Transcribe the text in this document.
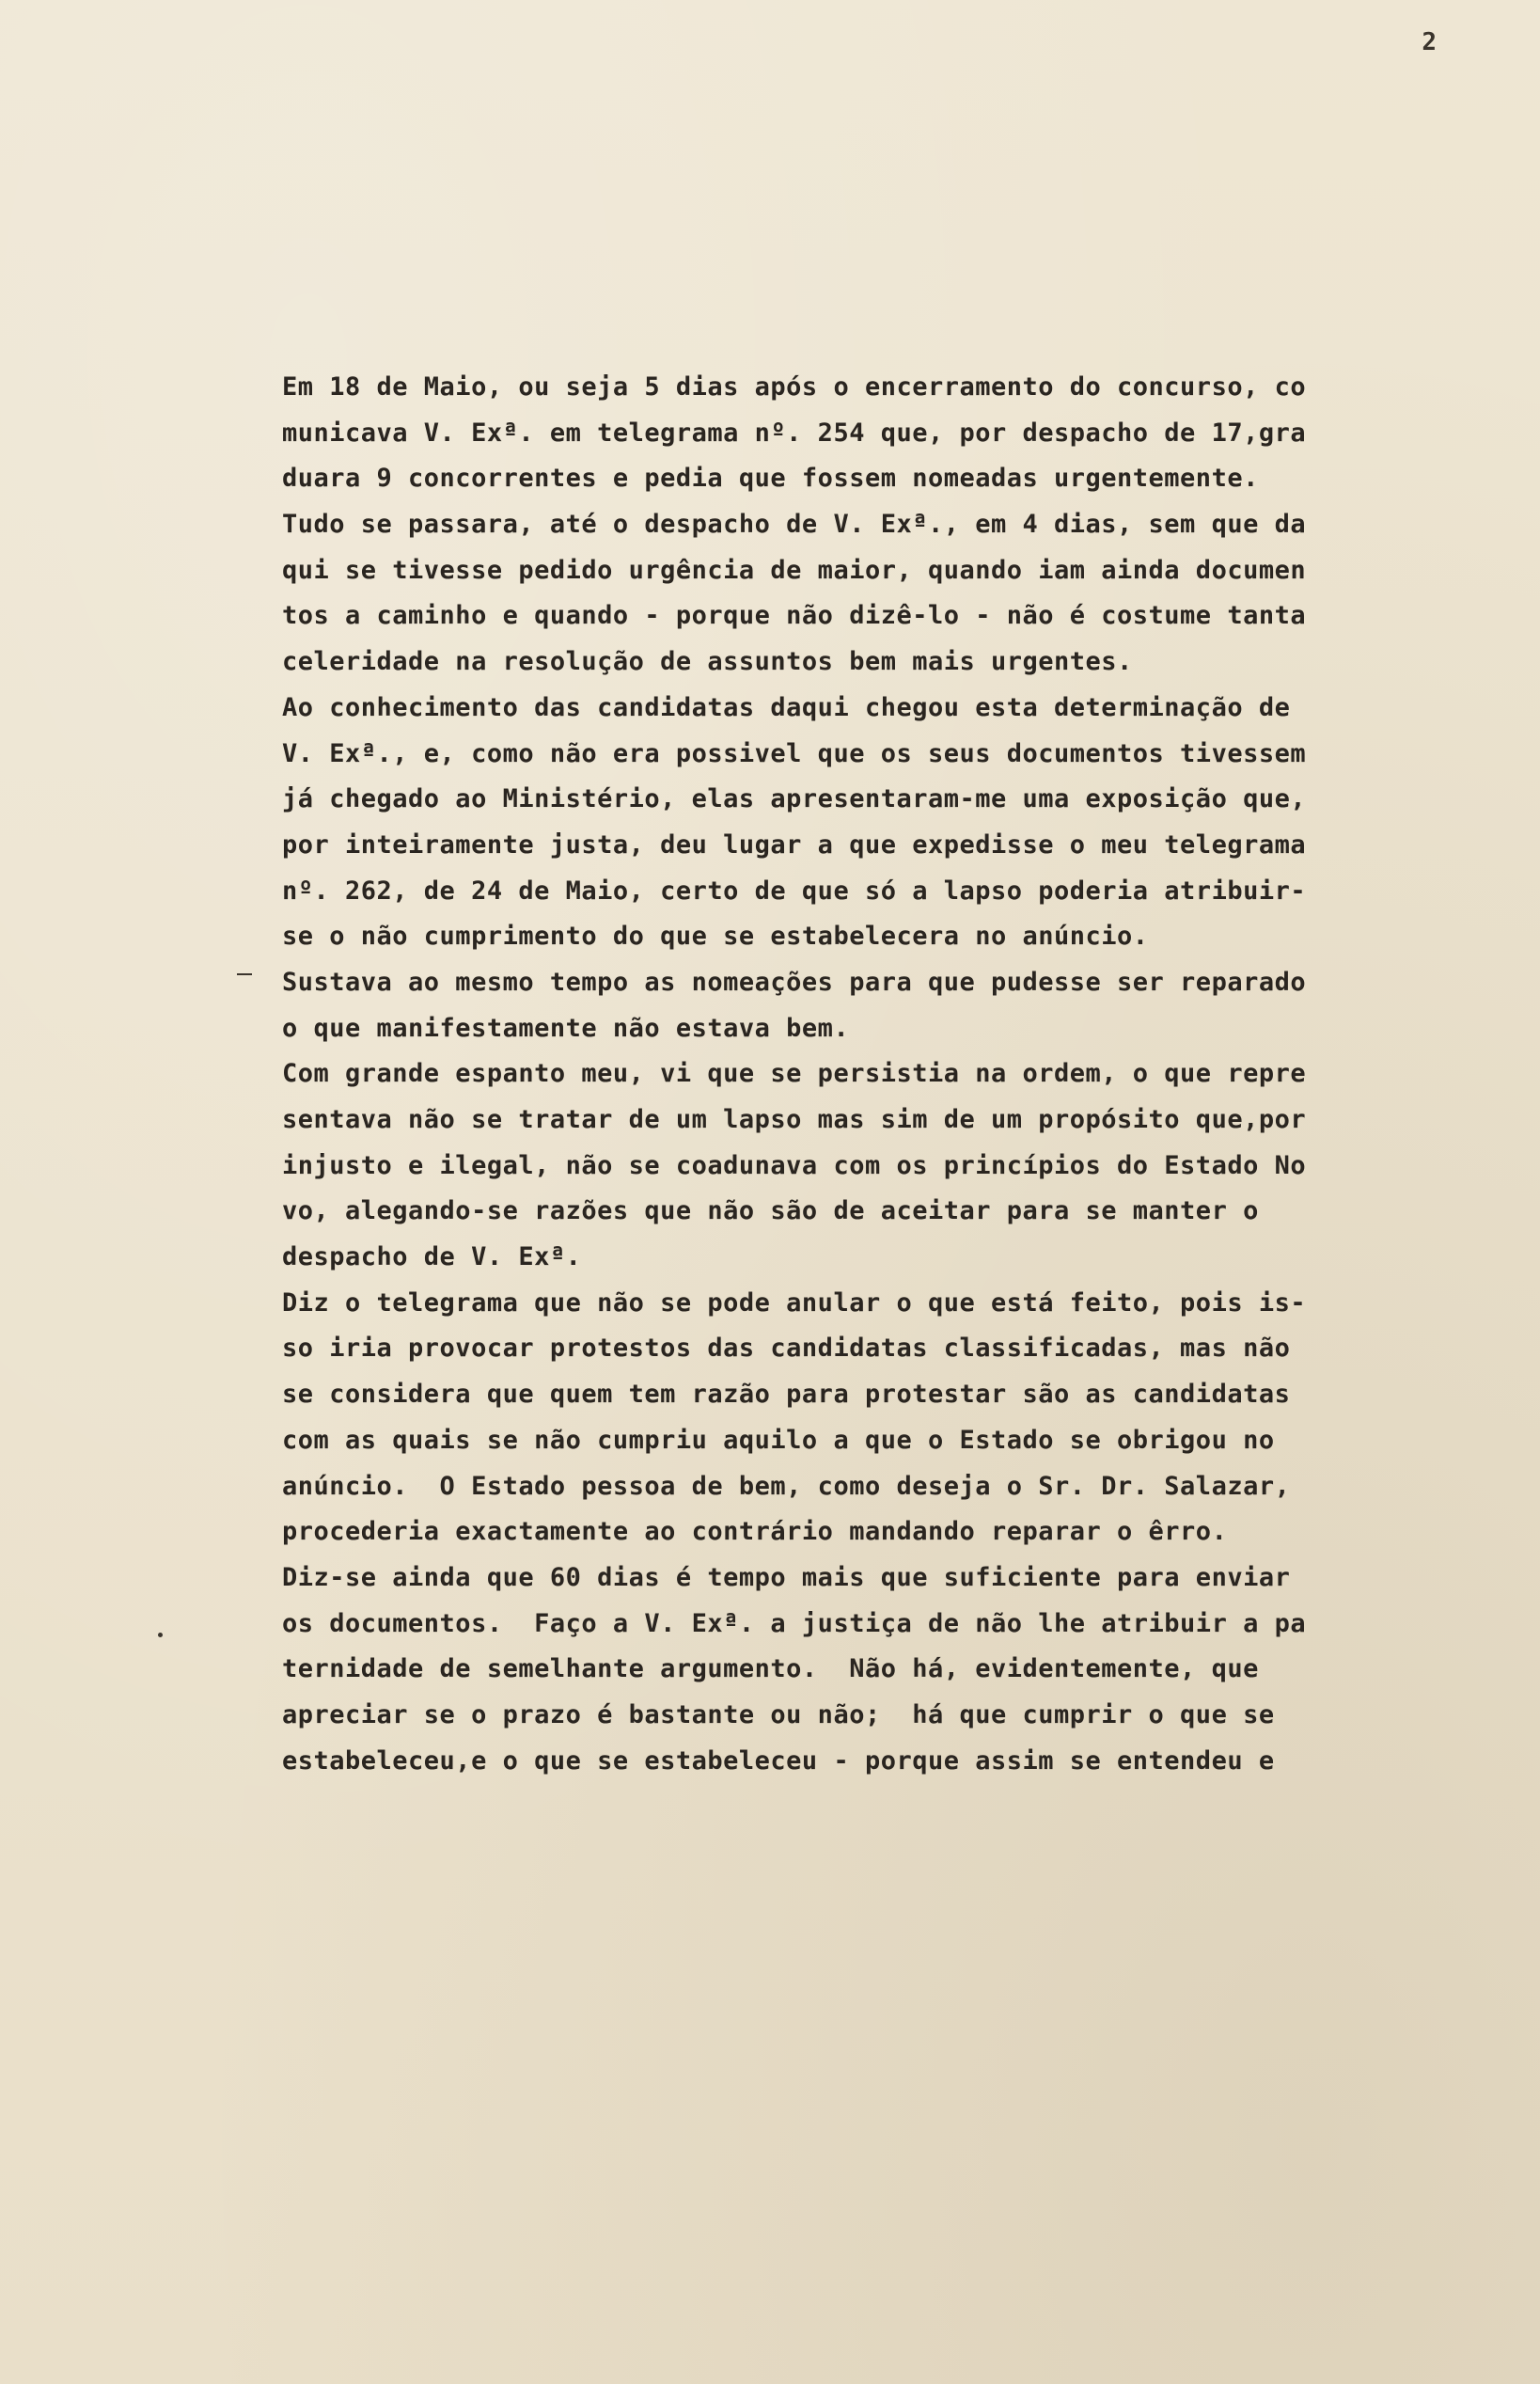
2
Em 18 de Maio, ou seja 5 dias após o encerramento do concurso, co
municava V. Exª. em telegrama nº. 254 que, por despacho de 17,gra
duara 9 concorrentes e pedia que fossem nomeadas urgentemente.
Tudo se passara, até o despacho de V. Exª., em 4 dias, sem que da
qui se tivesse pedido urgência de maior, quando iam ainda documen
tos a caminho e quando - porque não dizê-lo - não é costume tanta
celeridade na resolução de assuntos bem mais urgentes.
Ao conhecimento das candidatas daqui chegou esta determinação de
V. Exª., e, como não era possivel que os seus documentos tivessem
já chegado ao Ministério, elas apresentaram-me uma exposição que,
por inteiramente justa, deu lugar a que expedisse o meu telegrama
nº. 262, de 24 de Maio, certo de que só a lapso poderia atribuir-
se o não cumprimento do que se estabelecera no anúncio.
Sustava ao mesmo tempo as nomeações para que pudesse ser reparado
o que manifestamente não estava bem.
Com grande espanto meu, vi que se persistia na ordem, o que repre
sentava não se tratar de um lapso mas sim de um propósito que,por
injusto e ilegal, não se coadunava com os princípios do Estado No
vo, alegando-se razões que não são de aceitar para se manter o
despacho de V. Exª.
Diz o telegrama que não se pode anular o que está feito, pois is-
so iria provocar protestos das candidatas classificadas, mas não
se considera que quem tem razão para protestar são as candidatas
com as quais se não cumpriu aquilo a que o Estado se obrigou no
anúncio.  O Estado pessoa de bem, como deseja o Sr. Dr. Salazar,
procederia exactamente ao contrário mandando reparar o êrro.
Diz-se ainda que 60 dias é tempo mais que suficiente para enviar
os documentos.  Faço a V. Exª. a justiça de não lhe atribuir a pa
ternidade de semelhante argumento.  Não há, evidentemente, que
apreciar se o prazo é bastante ou não;  há que cumprir o que se
estabeleceu,e o que se estabeleceu - porque assim se entendeu e
